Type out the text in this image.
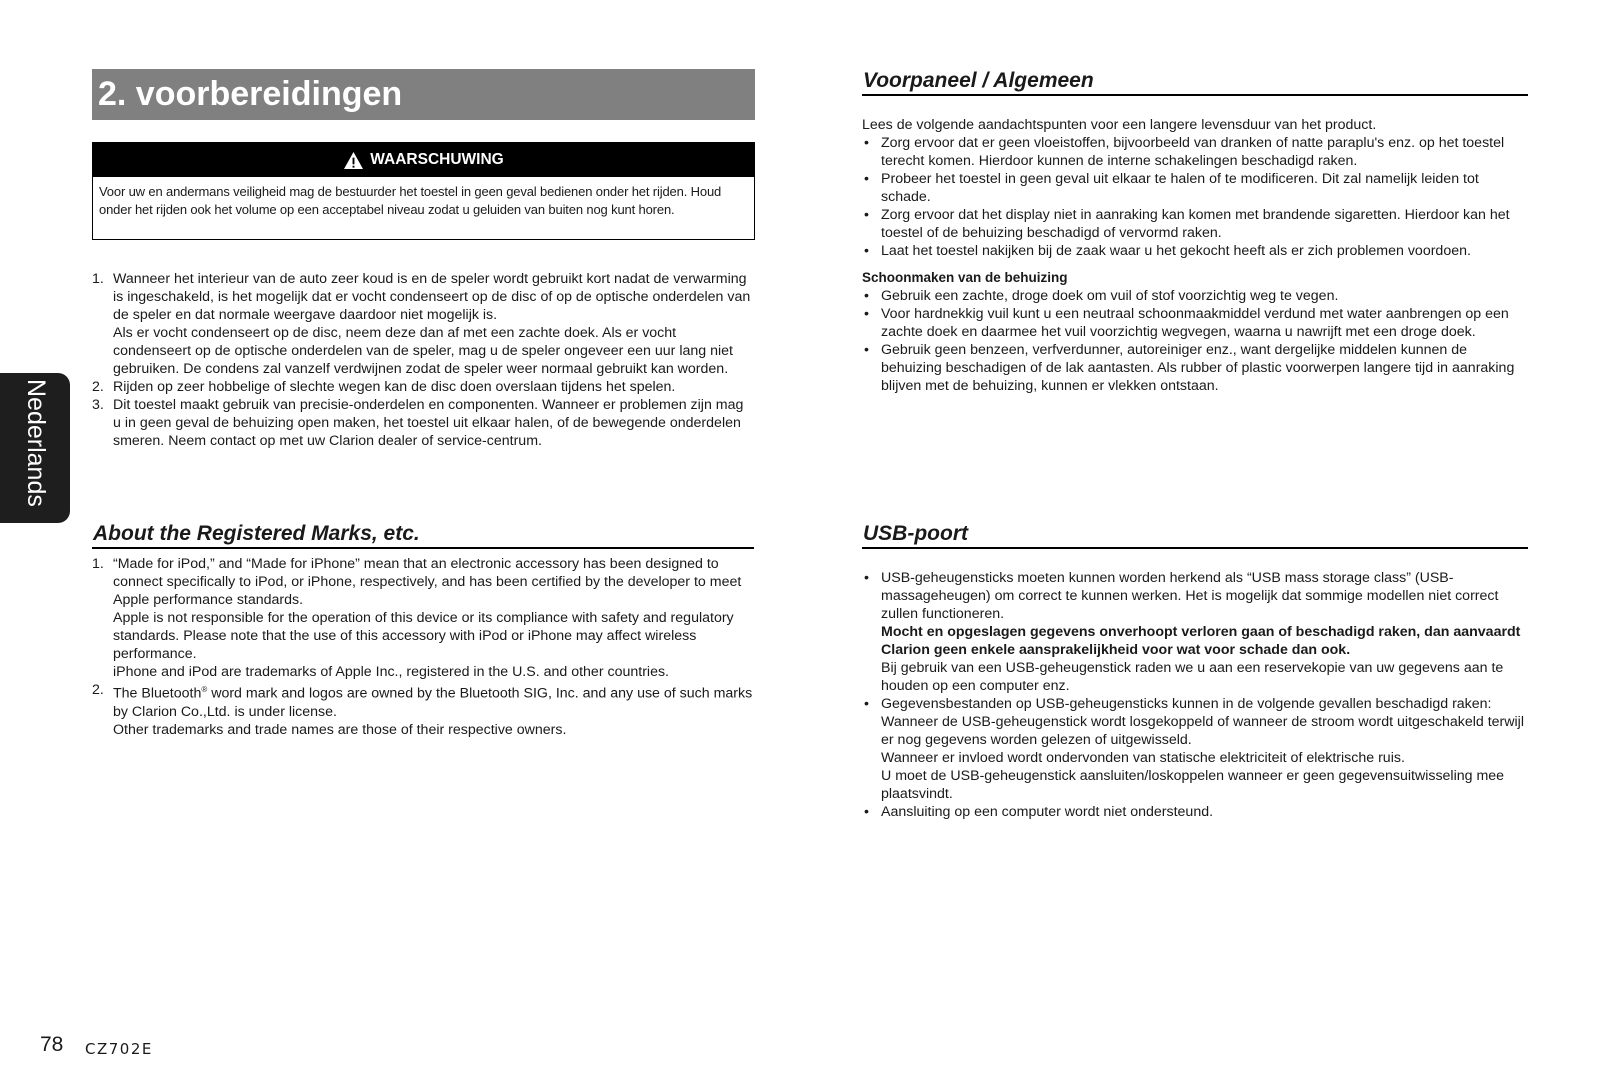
2. voorbereidingen
WAARSCHUWING
Voor uw en andermans veiligheid mag de bestuurder het toestel in geen geval bedienen onder het rijden. Houd onder het rijden ook het volume op een acceptabel niveau zodat u geluiden van buiten nog kunt horen.
1. Wanneer het interieur van de auto zeer koud is en de speler wordt gebruikt kort nadat de verwarming is ingeschakeld, is het mogelijk dat er vocht condenseert op de disc of op de optische onderdelen van de speler en dat normale weergave daardoor niet mogelijk is.
Als er vocht condenseert op de disc, neem deze dan af met een zachte doek. Als er vocht condenseert op de optische onderdelen van de speler, mag u de speler ongeveer een uur lang niet gebruiken. De condens zal vanzelf verdwijnen zodat de speler weer normaal gebruikt kan worden.
2. Rijden op zeer hobbelige of slechte wegen kan de disc doen overslaan tijdens het spelen.
3. Dit toestel maakt gebruik van precisie-onderdelen en componenten. Wanneer er problemen zijn mag u in geen geval de behuizing open maken, het toestel uit elkaar halen, of de bewegende onderdelen smeren. Neem contact op met uw Clarion dealer of service-centrum.
About the Registered Marks, etc.
1. “Made for iPod,” and “Made for iPhone” mean that an electronic accessory has been designed to connect specifically to iPod, or iPhone, respectively, and has been certified by the developer to meet Apple performance standards.
Apple is not responsible for the operation of this device or its compliance with safety and regulatory standards. Please note that the use of this accessory with iPod or iPhone may affect wireless performance.
iPhone and iPod are trademarks of Apple Inc., registered in the U.S. and other countries.
2. The Bluetooth® word mark and logos are owned by the Bluetooth SIG, Inc. and any use of such marks by Clarion Co.,Ltd. is under license.
Other trademarks and trade names are those of their respective owners.
Voorpaneel / Algemeen

Lees de volgende aandachtspunten voor een langere levensduur van het product.

• Zorg ervoor dat er geen vloeistoffen, bijvoorbeeld van dranken of natte paraplu's enz. op het toestel terecht komen. Hierdoor kunnen de interne schakelingen beschadigd raken.
• Probeer het toestel in geen geval uit elkaar te halen of te modificeren. Dit zal namelijk leiden tot schade.
• Zorg ervoor dat het display niet in aanraking kan komen met brandende sigaretten. Hierdoor kan het toestel of de behuizing beschadigd of vervormd raken.
• Laat het toestel nakijken bij de zaak waar u het gekocht heeft als er zich problemen voordoen.
Schoonmaken van de behuizing
• Gebruik een zachte, droge doek om vuil of stof voorzichtig weg te vegen.
• Voor hardnekkig vuil kunt u een neutraal schoonmaakmiddel verdund met water aanbrengen op een zachte doek en daarmee het vuil voorzichtig wegvegen, waarna u nawrijft met een droge doek.
• Gebruik geen benzeen, verfverdunner, autoreiniger enz., want dergelijke middelen kunnen de behuizing beschadigen of de lak aantasten. Als rubber of plastic voorwerpen langere tijd in aanraking blijven met de behuizing, kunnen er vlekken ontstaan.
USB-poort
• USB-geheugensticks moeten kunnen worden herkend als “USB mass storage class” (USB-massageheugen) om correct te kunnen werken. Het is mogelijk dat sommige modellen niet correct zullen functioneren.
Mocht en opgeslagen gegevens onverhoopt verloren gaan of beschadigd raken, dan aanvaardt Clarion geen enkele aansprakelijkheid voor wat voor schade dan ook.
Bij gebruik van een USB-geheugenstick raden we u aan een reservekopie van uw gegevens aan te houden op een computer enz.
• Gegevensbestanden op USB-geheugensticks kunnen in de volgende gevallen beschadigd raken: Wanneer de USB-geheugenstick wordt losgekoppeld of wanneer de stroom wordt uitgeschakeld terwijl er nog gegevens worden gelezen of uitgewisseld.
Wanneer er invloed wordt ondervonden van statische elektriciteit of elektrische ruis.
U moet de USB-geheugenstick aansluiten/loskoppelen wanneer er geen gegevensuitwisseling mee plaatsvindt.
• Aansluiting op een computer wordt niet ondersteund.
Nederlands
78 CZ702E
